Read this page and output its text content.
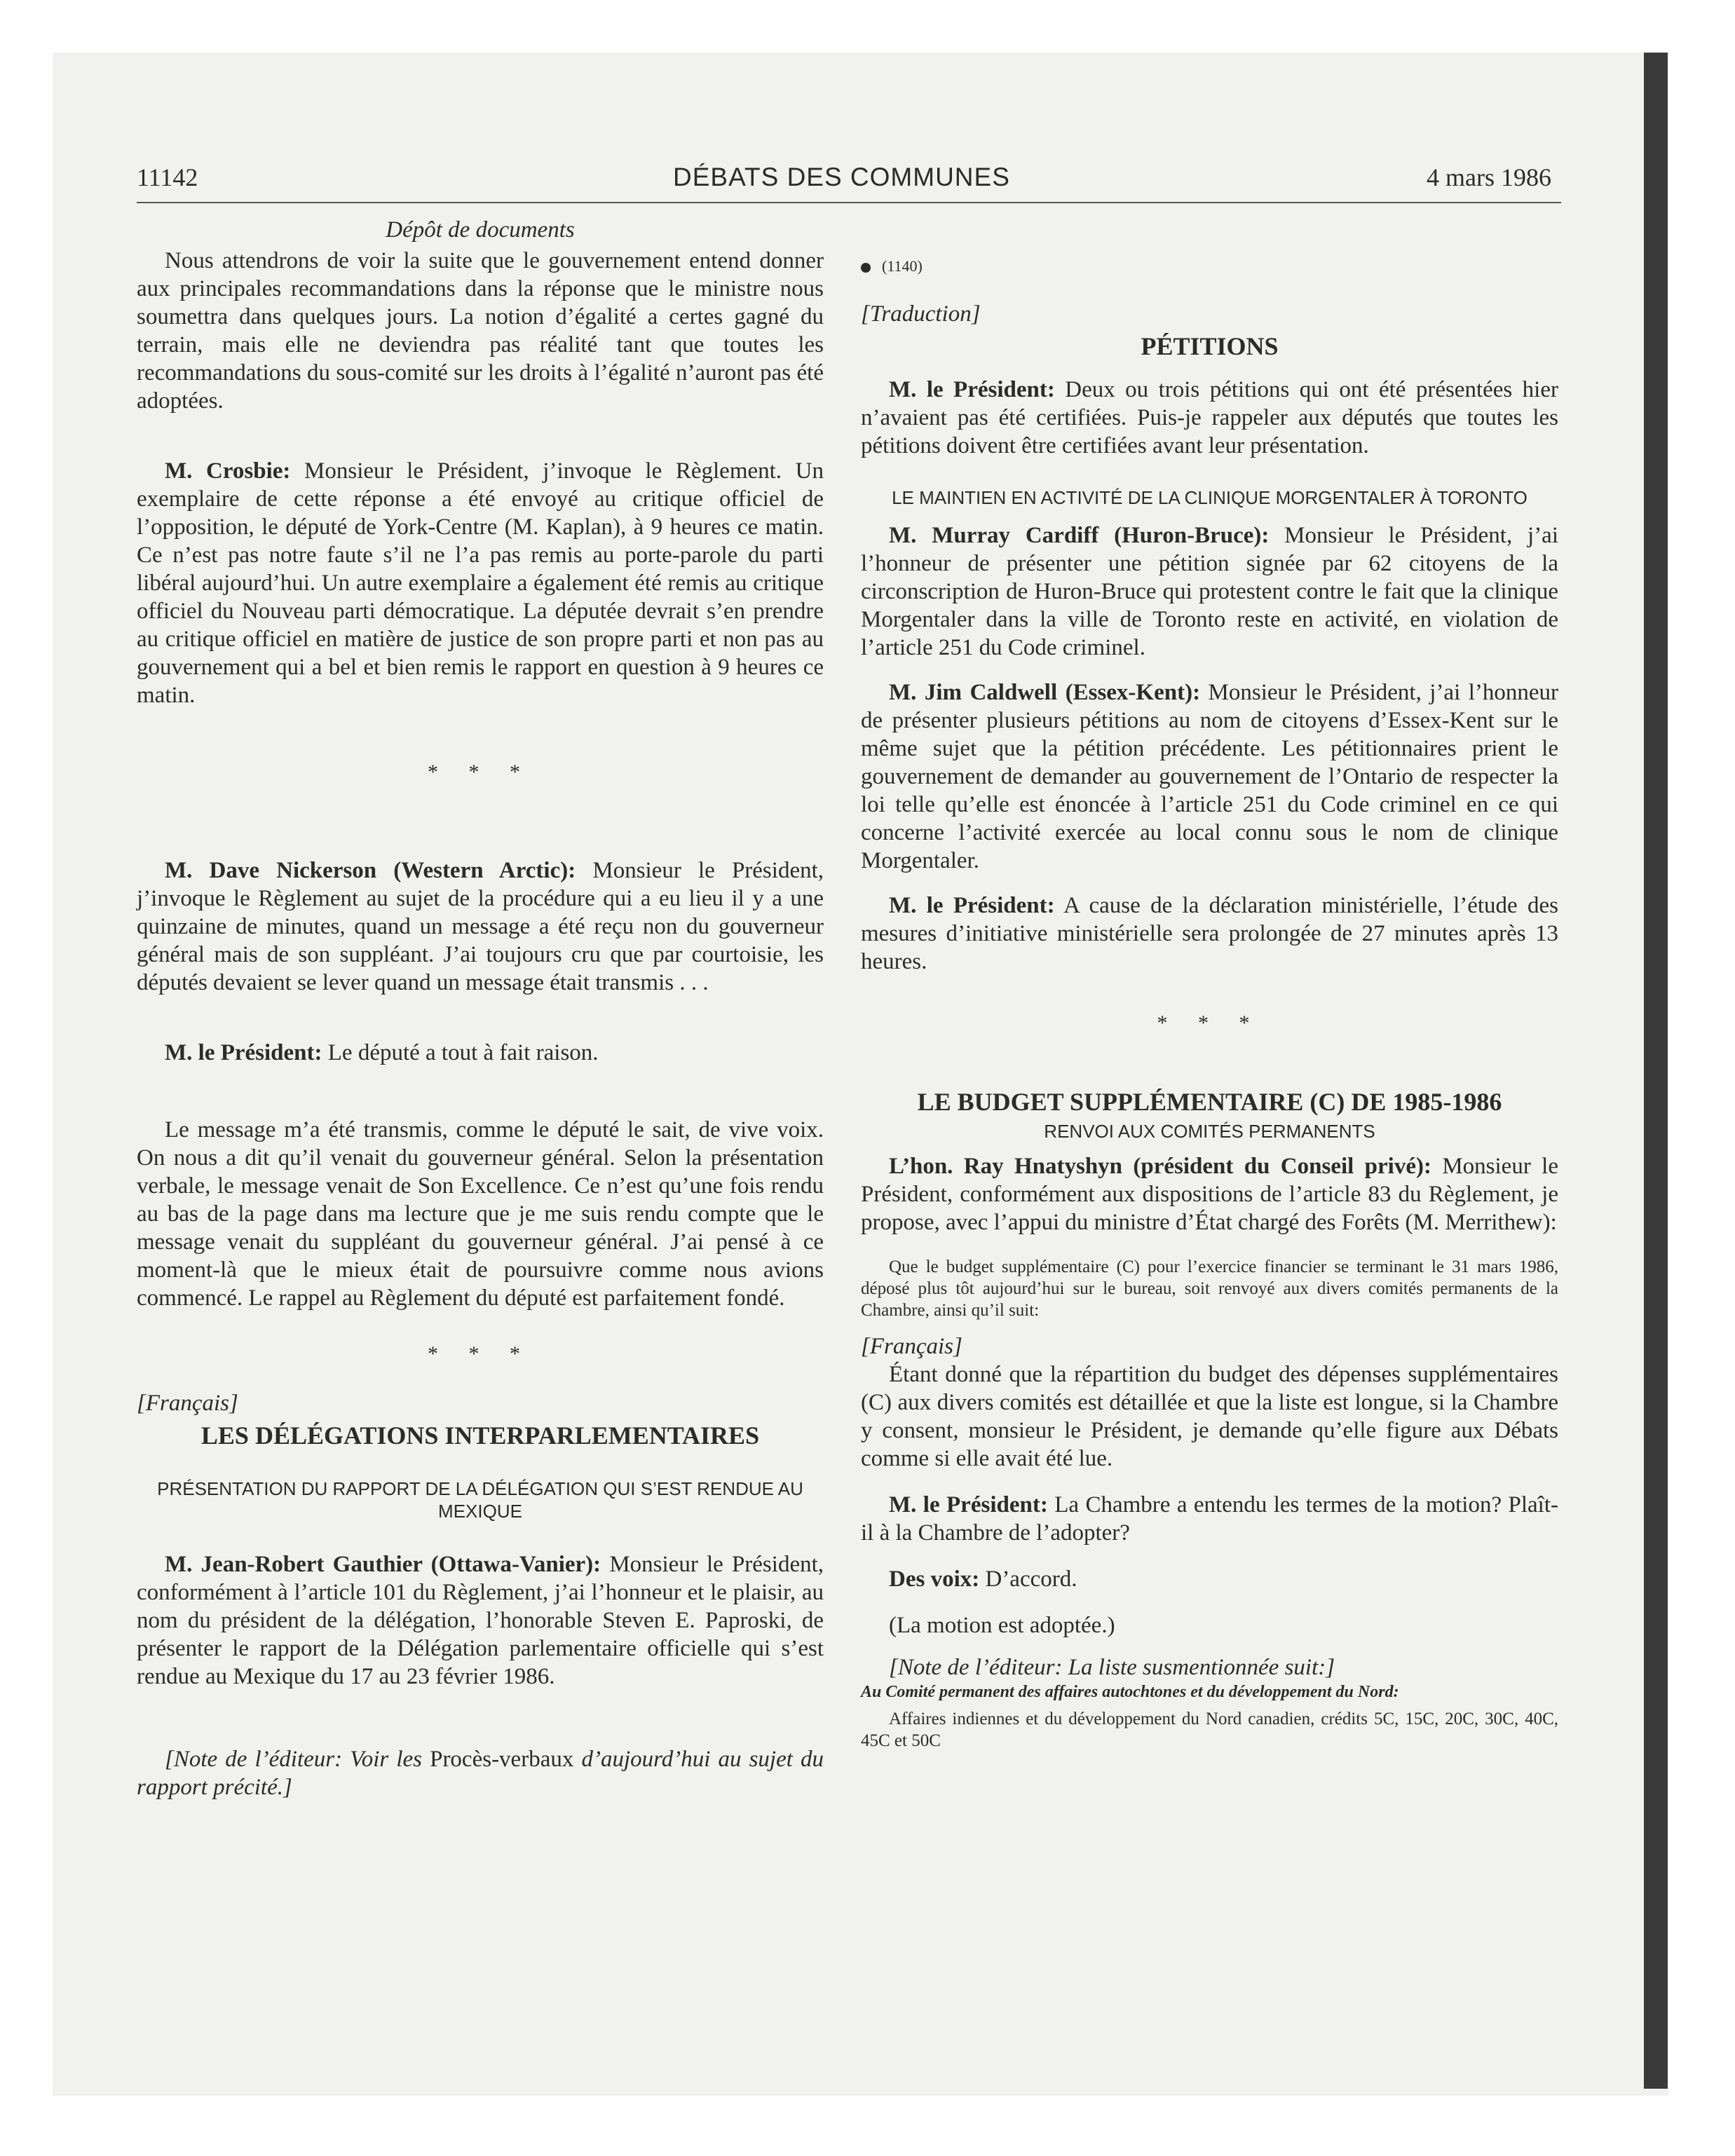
11142	DÉBATS DES COMMUNES	4 mars 1986

Dépôt de documents

Nous attendrons de voir la suite que le gouvernement entend donner aux principales recommandations dans la réponse que le ministre nous soumettra dans quelques jours. La notion d’égalité a certes gagné du terrain, mais elle ne deviendra pas réalité tant que toutes les recommandations du sous-comité sur les droits à l’égalité n’auront pas été adoptées.

M. Crosbie: Monsieur le Président, j’invoque le Règlement. Un exemplaire de cette réponse a été envoyé au critique officiel de l’opposition, le député de York-Centre (M. Kaplan), à 9 heures ce matin. Ce n’est pas notre faute s’il ne l’a pas remis au porte-parole du parti libéral aujourd’hui. Un autre exemplaire a également été remis au critique officiel du Nouveau parti démocratique. La députée devrait s’en prendre au critique officiel en matière de justice de son propre parti et non pas au gouvernement qui a bel et bien remis le rapport en question à 9 heures ce matin.

* * *

M. Dave Nickerson (Western Arctic): Monsieur le Président, j’invoque le Règlement au sujet de la procédure qui a eu lieu il y a une quinzaine de minutes, quand un message a été reçu non du gouverneur général mais de son suppléant. J’ai toujours cru que par courtoisie, les députés devaient se lever quand un message était transmis . . .

M. le Président: Le député a tout à fait raison.

Le message m’a été transmis, comme le député le sait, de vive voix. On nous a dit qu’il venait du gouverneur général. Selon la présentation verbale, le message venait de Son Excellence. Ce n’est qu’une fois rendu au bas de la page dans ma lecture que je me suis rendu compte que le message venait du suppléant du gouverneur général. J’ai pensé à ce moment-là que le mieux était de poursuivre comme nous avions commencé. Le rappel au Règlement du député est parfaitement fondé.

* * *

[Français]

LES DÉLÉGATIONS INTERPARLEMENTAIRES

PRÉSENTATION DU RAPPORT DE LA DÉLÉGATION QUI S’EST RENDUE AU MEXIQUE

M. Jean-Robert Gauthier (Ottawa-Vanier): Monsieur le Président, conformément à l’article 101 du Règlement, j’ai l’honneur et le plaisir, au nom du président de la délégation, l’honorable Steven E. Paproski, de présenter le rapport de la Délégation parlementaire officielle qui s’est rendue au Mexique du 17 au 23 février 1986.

[Note de l’éditeur: Voir les Procès-verbaux d’aujourd’hui au sujet du rapport précité.]

(1140)

[Traduction]

PÉTITIONS

M. le Président: Deux ou trois pétitions qui ont été présentées hier n’avaient pas été certifiées. Puis-je rappeler aux députés que toutes les pétitions doivent être certifiées avant leur présentation.

LE MAINTIEN EN ACTIVITÉ DE LA CLINIQUE MORGENTALER À TORONTO

M. Murray Cardiff (Huron-Bruce): Monsieur le Président, j’ai l’honneur de présenter une pétition signée par 62 citoyens de la circonscription de Huron-Bruce qui protestent contre le fait que la clinique Morgentaler dans la ville de Toronto reste en activité, en violation de l’article 251 du Code criminel.

M. Jim Caldwell (Essex-Kent): Monsieur le Président, j’ai l’honneur de présenter plusieurs pétitions au nom de citoyens d’Essex-Kent sur le même sujet que la pétition précédente. Les pétitionnaires prient le gouvernement de demander au gouvernement de l’Ontario de respecter la loi telle qu’elle est énoncée à l’article 251 du Code criminel en ce qui concerne l’activité exercée au local connu sous le nom de clinique Morgentaler.

M. le Président: A cause de la déclaration ministérielle, l’étude des mesures d’initiative ministérielle sera prolongée de 27 minutes après 13 heures.

* * *

LE BUDGET SUPPLÉMENTAIRE (C) DE 1985-1986

RENVOI AUX COMITÉS PERMANENTS

L’hon. Ray Hnatyshyn (président du Conseil privé): Monsieur le Président, conformément aux dispositions de l’article 83 du Règlement, je propose, avec l’appui du ministre d’État chargé des Forêts (M. Merrithew):

Que le budget supplémentaire (C) pour l’exercice financier se terminant le 31 mars 1986, déposé plus tôt aujourd’hui sur le bureau, soit renvoyé aux divers comités permanents de la Chambre, ainsi qu’il suit:

[Français]

Étant donné que la répartition du budget des dépenses supplémentaires (C) aux divers comités est détaillée et que la liste est longue, si la Chambre y consent, monsieur le Président, je demande qu’elle figure aux Débats comme si elle avait été lue.

M. le Président: La Chambre a entendu les termes de la motion? Plaît-il à la Chambre de l’adopter?

Des voix: D’accord.

(La motion est adoptée.)

[Note de l’éditeur: La liste susmentionnée suit:]

Au Comité permanent des affaires autochtones et du développement du Nord:

Affaires indiennes et du développement du Nord canadien, crédits 5C, 15C, 20C, 30C, 40C, 45C et 50C
